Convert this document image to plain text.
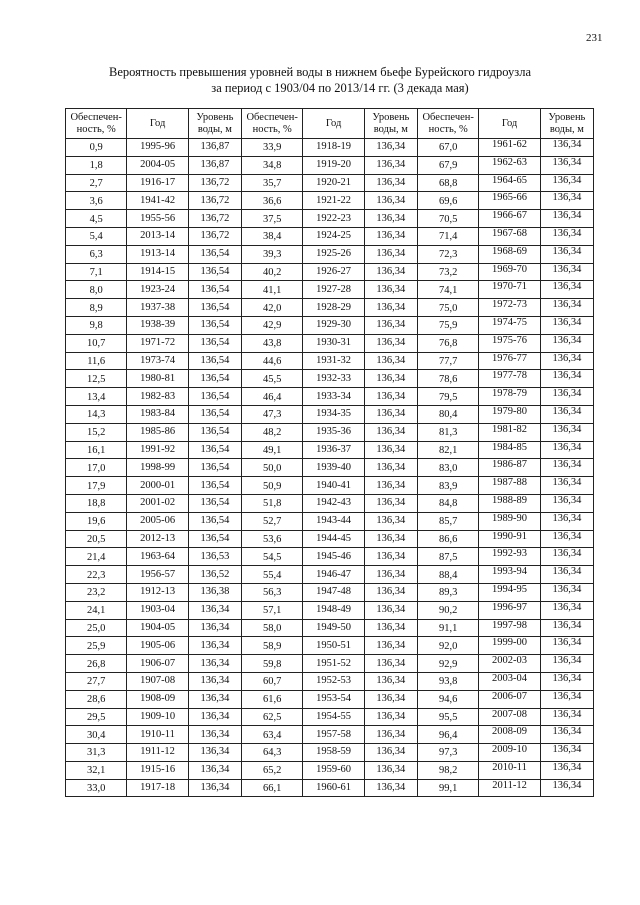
231
Вероятность превышения уровней воды в нижнем бьефе Бурейского гидроузла
за период с 1903/04 по 2013/14 гг. (3 декада мая)
Обеспечен-ность, %	Год	Уровень воды, м	Обеспечен-ность, %	Год	Уровень воды, м	Обеспечен-ность, %	Год	Уровень воды, м
0,9	1995-96	136,87	33,9	1918-19	136,34	67,0	1961-62	136,34
1,8	2004-05	136,87	34,8	1919-20	136,34	67,9	1962-63	136,34
2,7	1916-17	136,72	35,7	1920-21	136,34	68,8	1964-65	136,34
3,6	1941-42	136,72	36,6	1921-22	136,34	69,6	1965-66	136,34
4,5	1955-56	136,72	37,5	1922-23	136,34	70,5	1966-67	136,34
5,4	2013-14	136,72	38,4	1924-25	136,34	71,4	1967-68	136,34
6,3	1913-14	136,54	39,3	1925-26	136,34	72,3	1968-69	136,34
7,1	1914-15	136,54	40,2	1926-27	136,34	73,2	1969-70	136,34
8,0	1923-24	136,54	41,1	1927-28	136,34	74,1	1970-71	136,34
8,9	1937-38	136,54	42,0	1928-29	136,34	75,0	1972-73	136,34
9,8	1938-39	136,54	42,9	1929-30	136,34	75,9	1974-75	136,34
10,7	1971-72	136,54	43,8	1930-31	136,34	76,8	1975-76	136,34
11,6	1973-74	136,54	44,6	1931-32	136,34	77,7	1976-77	136,34
12,5	1980-81	136,54	45,5	1932-33	136,34	78,6	1977-78	136,34
13,4	1982-83	136,54	46,4	1933-34	136,34	79,5	1978-79	136,34
14,3	1983-84	136,54	47,3	1934-35	136,34	80,4	1979-80	136,34
15,2	1985-86	136,54	48,2	1935-36	136,34	81,3	1981-82	136,34
16,1	1991-92	136,54	49,1	1936-37	136,34	82,1	1984-85	136,34
17,0	1998-99	136,54	50,0	1939-40	136,34	83,0	1986-87	136,34
17,9	2000-01	136,54	50,9	1940-41	136,34	83,9	1987-88	136,34
18,8	2001-02	136,54	51,8	1942-43	136,34	84,8	1988-89	136,34
19,6	2005-06	136,54	52,7	1943-44	136,34	85,7	1989-90	136,34
20,5	2012-13	136,54	53,6	1944-45	136,34	86,6	1990-91	136,34
21,4	1963-64	136,53	54,5	1945-46	136,34	87,5	1992-93	136,34
22,3	1956-57	136,52	55,4	1946-47	136,34	88,4	1993-94	136,34
23,2	1912-13	136,38	56,3	1947-48	136,34	89,3	1994-95	136,34
24,1	1903-04	136,34	57,1	1948-49	136,34	90,2	1996-97	136,34
25,0	1904-05	136,34	58,0	1949-50	136,34	91,1	1997-98	136,34
25,9	1905-06	136,34	58,9	1950-51	136,34	92,0	1999-00	136,34
26,8	1906-07	136,34	59,8	1951-52	136,34	92,9	2002-03	136,34
27,7	1907-08	136,34	60,7	1952-53	136,34	93,8	2003-04	136,34
28,6	1908-09	136,34	61,6	1953-54	136,34	94,6	2006-07	136,34
29,5	1909-10	136,34	62,5	1954-55	136,34	95,5	2007-08	136,34
30,4	1910-11	136,34	63,4	1957-58	136,34	96,4	2008-09	136,34
31,3	1911-12	136,34	64,3	1958-59	136,34	97,3	2009-10	136,34
32,1	1915-16	136,34	65,2	1959-60	136,34	98,2	2010-11	136,34
33,0	1917-18	136,34	66,1	1960-61	136,34	99,1	2011-12	136,34
